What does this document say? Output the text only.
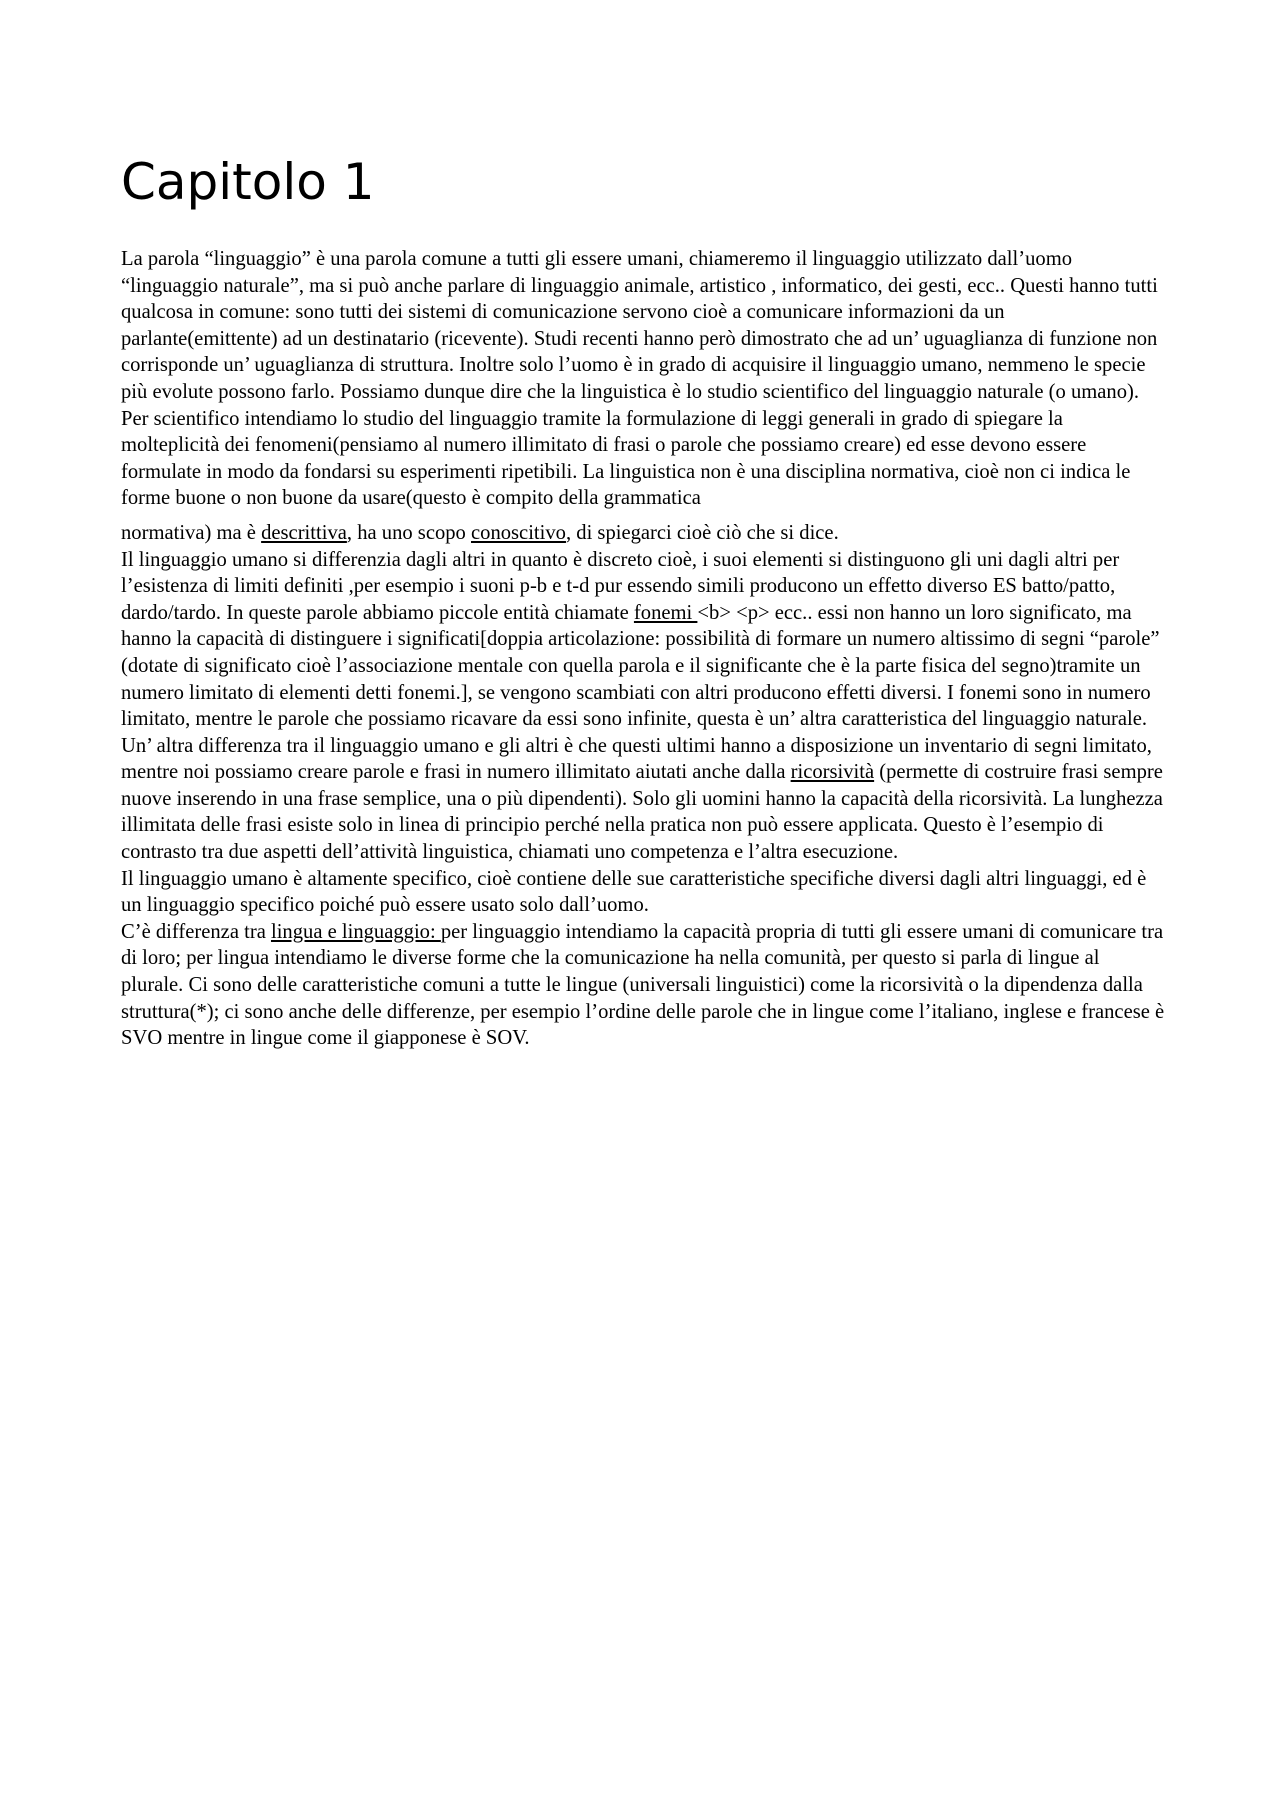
Capitolo 1

La parola “linguaggio” è una parola comune a tutti gli essere umani, chiameremo il linguaggio utilizzato dall’uomo “linguaggio naturale”, ma si può anche parlare di linguaggio animale, artistico , informatico, dei gesti, ecc.. Questi hanno tutti qualcosa in comune: sono tutti dei sistemi di comunicazione servono cioè a comunicare informazioni da un parlante(emittente) ad un destinatario (ricevente). Studi recenti hanno però dimostrato che ad un’ uguaglianza di funzione non corrisponde un’ uguaglianza di struttura. Inoltre solo l’uomo è in grado di acquisire il linguaggio umano, nemmeno le specie più evolute possono farlo. Possiamo dunque dire che la linguistica è lo studio scientifico del linguaggio naturale (o umano). Per scientifico intendiamo lo studio del linguaggio tramite la formulazione di leggi generali in grado di spiegare la molteplicità dei fenomeni(pensiamo al numero illimitato di frasi o parole che possiamo creare) ed esse devono essere formulate in modo da fondarsi su esperimenti ripetibili. La linguistica non è una disciplina normativa, cioè non ci indica le forme buone o non buone da usare(questo è compito della grammatica

normativa) ma è descrittiva, ha uno scopo conoscitivo, di spiegarci cioè ciò che si dice.

Il linguaggio umano si differenzia dagli altri in quanto è discreto cioè, i suoi elementi si distinguono gli uni dagli altri per l’esistenza di limiti definiti ,per esempio i suoni p-b e t-d pur essendo simili producono un effetto diverso ES batto/patto, dardo/tardo. In queste parole abbiamo piccole entità chiamate fonemi <b> <p> ecc.. essi non hanno un loro significato, ma hanno la capacità di distinguere i significati[doppia articolazione: possibilità di formare un numero altissimo di segni “parole” (dotate di significato cioè l’associazione mentale con quella parola e il significante che è la parte fisica del segno)tramite un numero limitato di elementi detti fonemi.], se vengono scambiati con altri producono effetti diversi. I fonemi sono in numero limitato, mentre le parole che possiamo ricavare da essi sono infinite, questa è un’ altra caratteristica del linguaggio naturale. Un’ altra differenza tra il linguaggio umano e gli altri è che questi ultimi hanno a disposizione un inventario di segni limitato, mentre noi possiamo creare parole e frasi in numero illimitato aiutati anche dalla ricorsività (permette di costruire frasi sempre nuove inserendo in una frase semplice, una o più dipendenti). Solo gli uomini hanno la capacità della ricorsività. La lunghezza illimitata delle frasi esiste solo in linea di principio perché nella pratica non può essere applicata. Questo è l’esempio di contrasto tra due aspetti dell’attività linguistica, chiamati uno competenza e l’altra esecuzione.

Il linguaggio umano è altamente specifico, cioè contiene delle sue caratteristiche specifiche diversi dagli altri linguaggi, ed è un linguaggio specifico poiché può essere usato solo dall’uomo.

C’è differenza tra lingua e linguaggio: per linguaggio intendiamo la capacità propria di tutti gli essere umani di comunicare tra di loro; per lingua intendiamo le diverse forme che la comunicazione ha nella comunità, per questo si parla di lingue al plurale. Ci sono delle caratteristiche comuni a tutte le lingue (universali linguistici) come la ricorsività o la dipendenza dalla struttura(*); ci sono anche delle differenze, per esempio l’ordine delle parole che in lingue come l’italiano, inglese e francese è SVO mentre in lingue come il giapponese è SOV.
